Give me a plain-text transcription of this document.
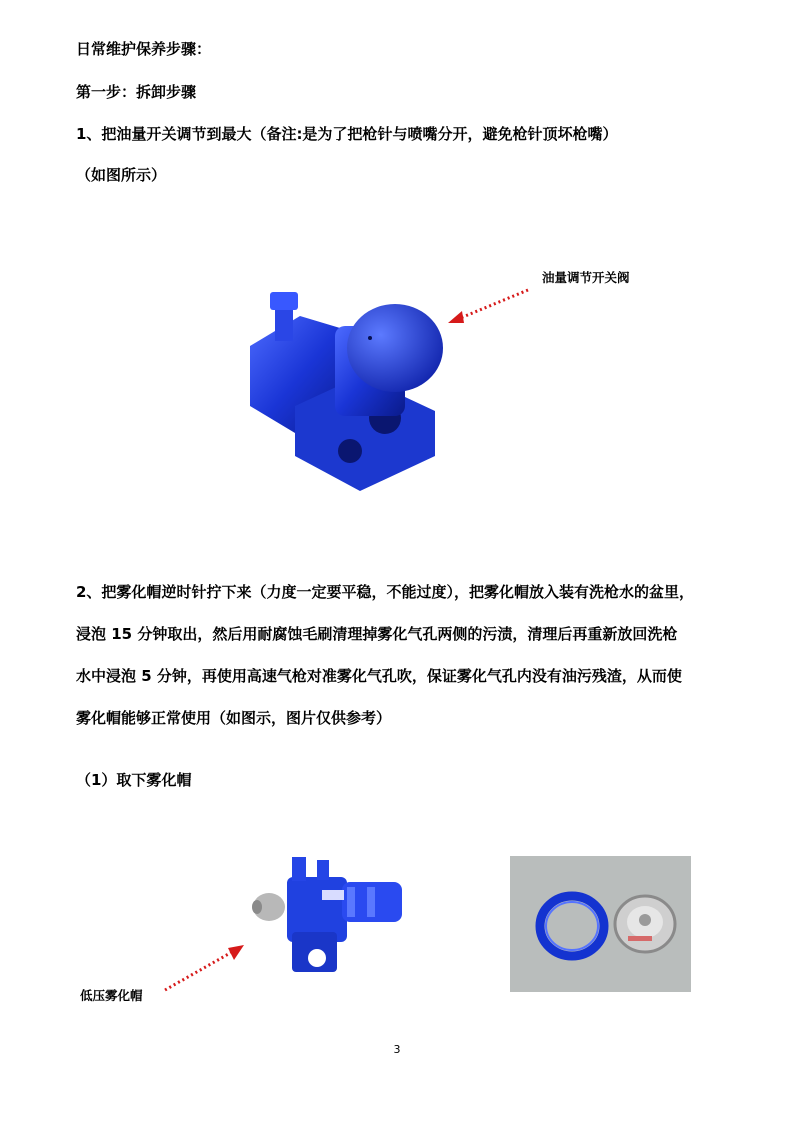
日常维护保养步骤：
第一步：拆卸步骤
1、把油量开关调节到最大（备注:是为了把枪针与喷嘴分开，避免枪针顶坏枪嘴）
（如图所示）
油量调节开关阀
2、把雾化帽逆时针拧下来（力度一定要平稳，不能过度），把雾化帽放入装有洗枪水的盆里，
浸泡 15 分钟取出，然后用耐腐蚀毛刷清理掉雾化气孔两侧的污渍，清理后再重新放回洗枪
水中浸泡 5 分钟，再使用高速气枪对准雾化气孔吹，保证雾化气孔内没有油污残渣，从而使
雾化帽能够正常使用（如图示，图片仅供参考）
（1）取下雾化帽
低压雾化帽
3
